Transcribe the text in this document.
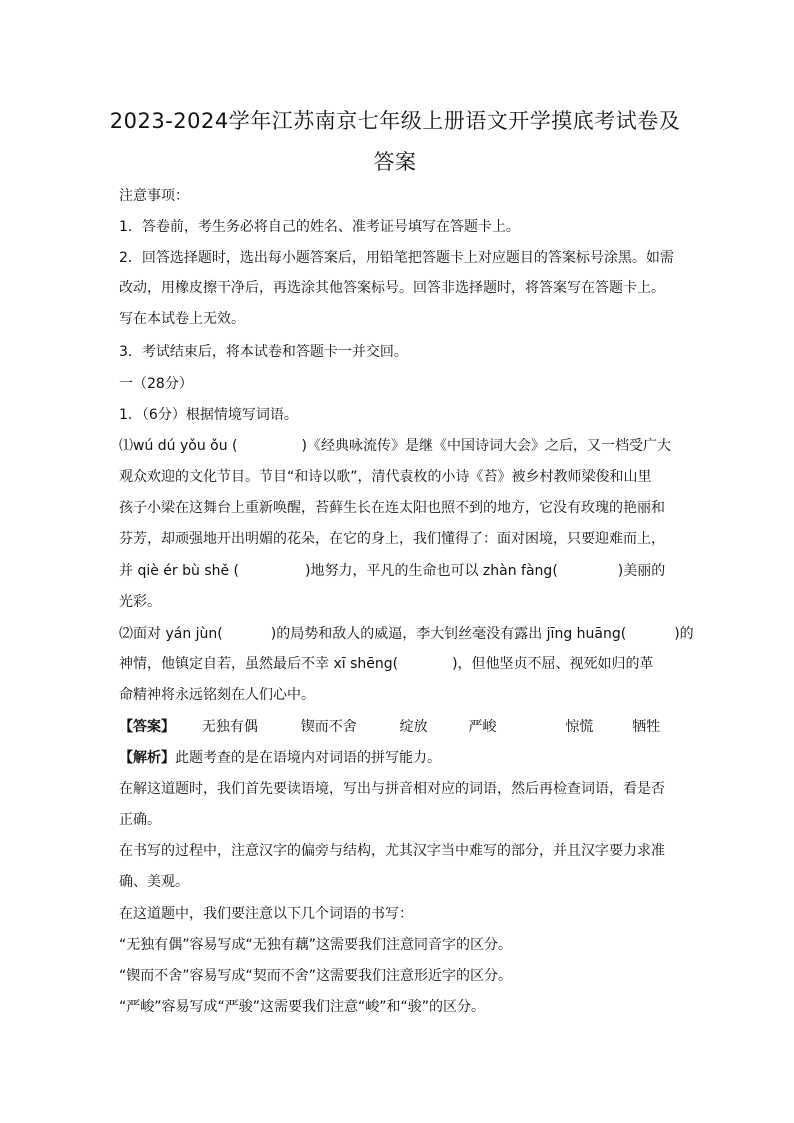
2023-2024学年江苏南京七年级上册语文开学摸底考试卷及
答案
注意事项：
1．答卷前，考生务必将自己的姓名、准考证号填写在答题卡上。
2．回答选择题时，选出每小题答案后，用铅笔把答题卡上对应题目的答案标号涂黑。如需
改动，用橡皮擦干净后，再选涂其他答案标号。回答非选择题时，将答案写在答题卡上。
写在本试卷上无效。
3．考试结束后，将本试卷和答题卡一并交回。
一（28分）
1．（6分）根据情境写词语。
⑴wú dú yǒu ǒu (	)《经典咏流传》是继《中国诗词大会》之后，又一档受广大
观众欢迎的文化节目。节目“和诗以歌”，清代袁枚的小诗《苔》被乡村教师梁俊和山里
孩子小梁在这舞台上重新唤醒，苔藓生长在连太阳也照不到的地方，它没有玫瑰的艳丽和
芬芳，却顽强地开出明媚的花朵，在它的身上，我们懂得了：面对困境，只要迎难而上，
并 qiè ér bù shě (	)地努力，平凡的生命也可以 zhàn fàng(	)美丽的
光彩。
⑵面对 yán jùn(	)的局势和敌人的威逼，李大钊丝毫没有露出 jīng huāng(	)的
神情，他镇定自若，虽然最后不幸 xī shēng(	)，但他坚贞不屈、视死如归的革
命精神将永远铭刻在人们心中。
【答案】 无独有偶	锲而不舍	绽放	严峻	惊慌	牺牲
【解析】此题考查的是在语境内对词语的拼写能力。
在解这道题时，我们首先要读语境，写出与拼音相对应的词语，然后再检查词语，看是否
正确。
在书写的过程中，注意汉字的偏旁与结构，尤其汉字当中难写的部分，并且汉字要力求准
确、美观。
在这道题中，我们要注意以下几个词语的书写：
“无独有偶”容易写成“无独有藕”这需要我们注意同音字的区分。
“锲而不舍”容易写成“契而不舍”这需要我们注意形近字的区分。
“严峻”容易写成“严骏”这需要我们注意“峻”和“骏”的区分。
